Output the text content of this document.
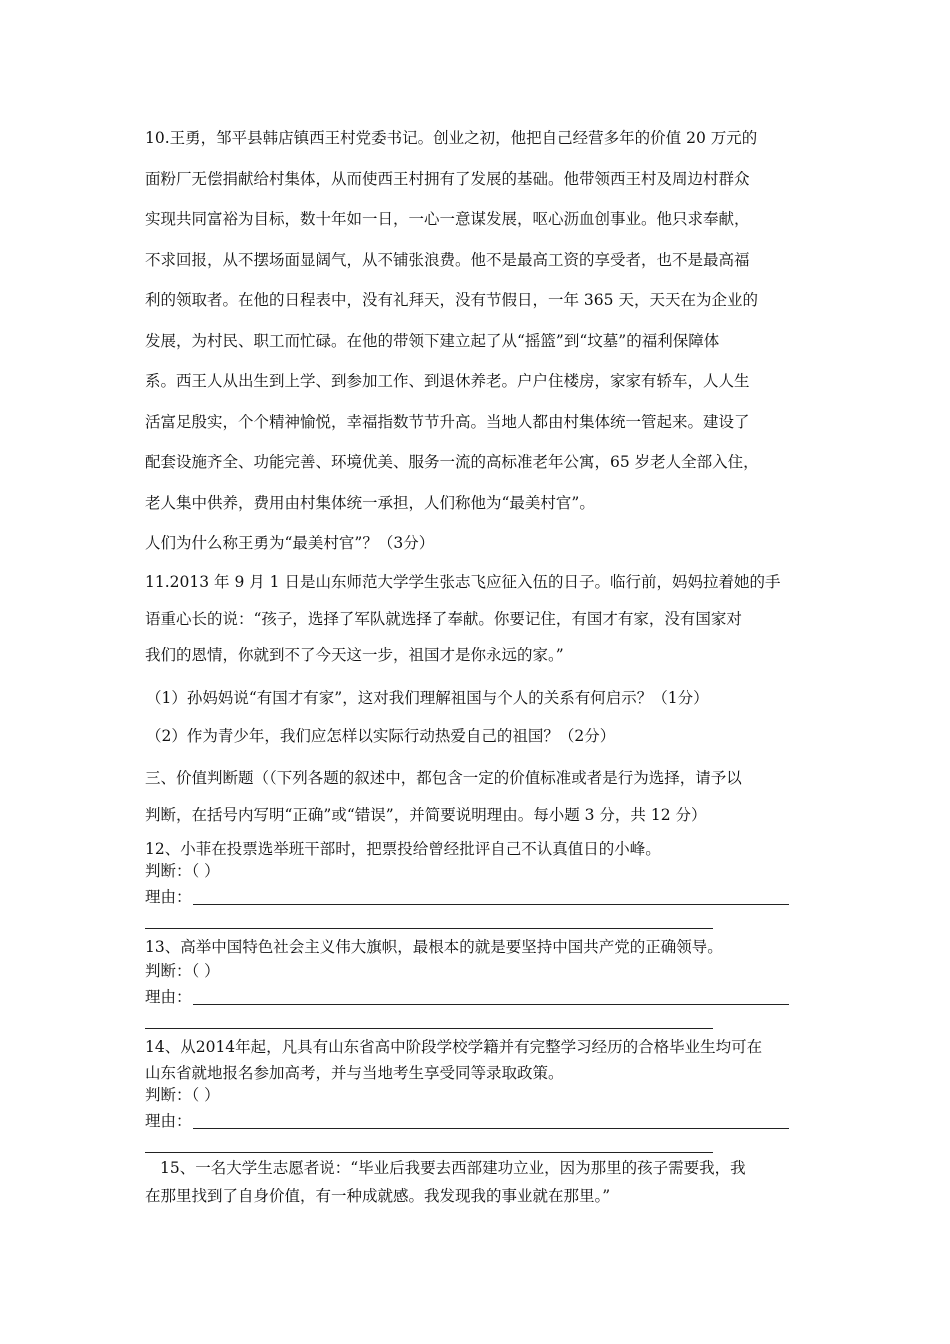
10.王勇，邹平县韩店镇西王村党委书记。创业之初，他把自己经营多年的价值 20 万元的
面粉厂无偿捐献给村集体，从而使西王村拥有了发展的基础。他带领西王村及周边村群众
实现共同富裕为目标，数十年如一日，一心一意谋发展，呕心沥血创事业。他只求奉献，
不求回报，从不摆场面显阔气，从不铺张浪费。他不是最高工资的享受者，也不是最高福
利的领取者。在他的日程表中，没有礼拜天，没有节假日，一年 365 天，天天在为企业的
发展，为村民、职工而忙碌。在他的带领下建立起了从“摇篮”到“坟墓”的福利保障体
系。西王人从出生到上学、到参加工作、到退休养老。户户住楼房，家家有轿车，人人生
活富足殷实，个个精神愉悦，幸福指数节节升高。当地人都由村集体统一管起来。建设了
配套设施齐全、功能完善、环境优美、服务一流的高标准老年公寓，65 岁老人全部入住，
老人集中供养，费用由村集体统一承担，人们称他为“最美村官”。
人们为什么称王勇为“最美村官”？（3分）
11.2013 年 9 月 1 日是山东师范大学学生张志飞应征入伍的日子。临行前，妈妈拉着她的手
语重心长的说：“孩子，选择了军队就选择了奉献。你要记住，有国才有家，没有国家对
我们的恩情，你就到不了今天这一步，祖国才是你永远的家。”
（1）孙妈妈说“有国才有家”，这对我们理解祖国与个人的关系有何启示？（1分）
（2）作为青少年，我们应怎样以实际行动热爱自己的祖国？（2分）
三、价值判断题（（下列各题的叙述中，都包含一定的价值标准或者是行为选择，请予以
判断，在括号内写明“正确”或“错误”，并简要说明理由。每小题 3 分，共 12 分）
12、小菲在投票选举班干部时，把票投给曾经批评自己不认真值日的小峰。
判断：（ ）
理由：
13、高举中国特色社会主义伟大旗帜，最根本的就是要坚持中国共产党的正确领导。
判断：（ ）
理由：
14、从2014年起，凡具有山东省高中阶段学校学籍并有完整学习经历的合格毕业生均可在
山东省就地报名参加高考，并与当地考生享受同等录取政策。
判断：（ ）
理由：
15、一名大学生志愿者说：“毕业后我要去西部建功立业，因为那里的孩子需要我，我
在那里找到了自身价值，有一种成就感。我发现我的事业就在那里。”
